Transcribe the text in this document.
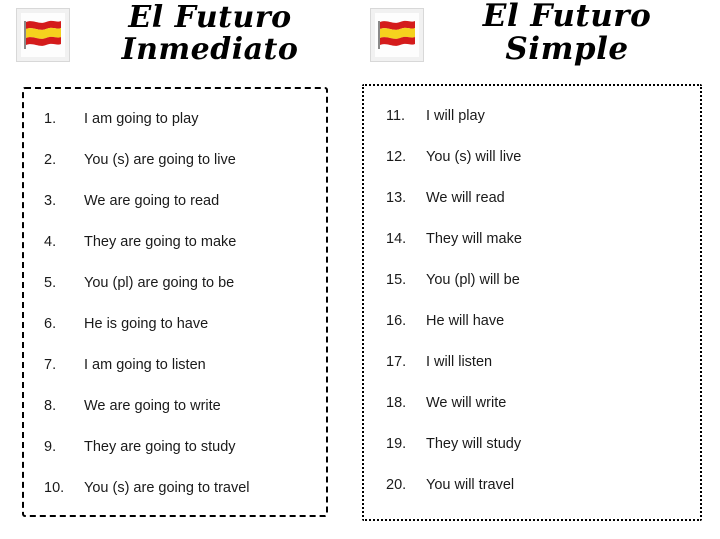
El Futuro
Inmediato
1.	I am going to play
2.	You (s) are going to live
3.	We are going to read
4.	They are going to make
5.	You (pl) are going to be
6.	He is going to have
7.	I am going to listen
8.	We are going to write
9.	They are going to study
10.	You (s) are going to travel
El Futuro
Simple
11.	I will play
12.	You (s) will live
13.	We will read
14.	They will make
15.	You (pl) will be
16.	He will have
17.	I will listen
18.	We will write
19.	They will study
20.	You will travel
